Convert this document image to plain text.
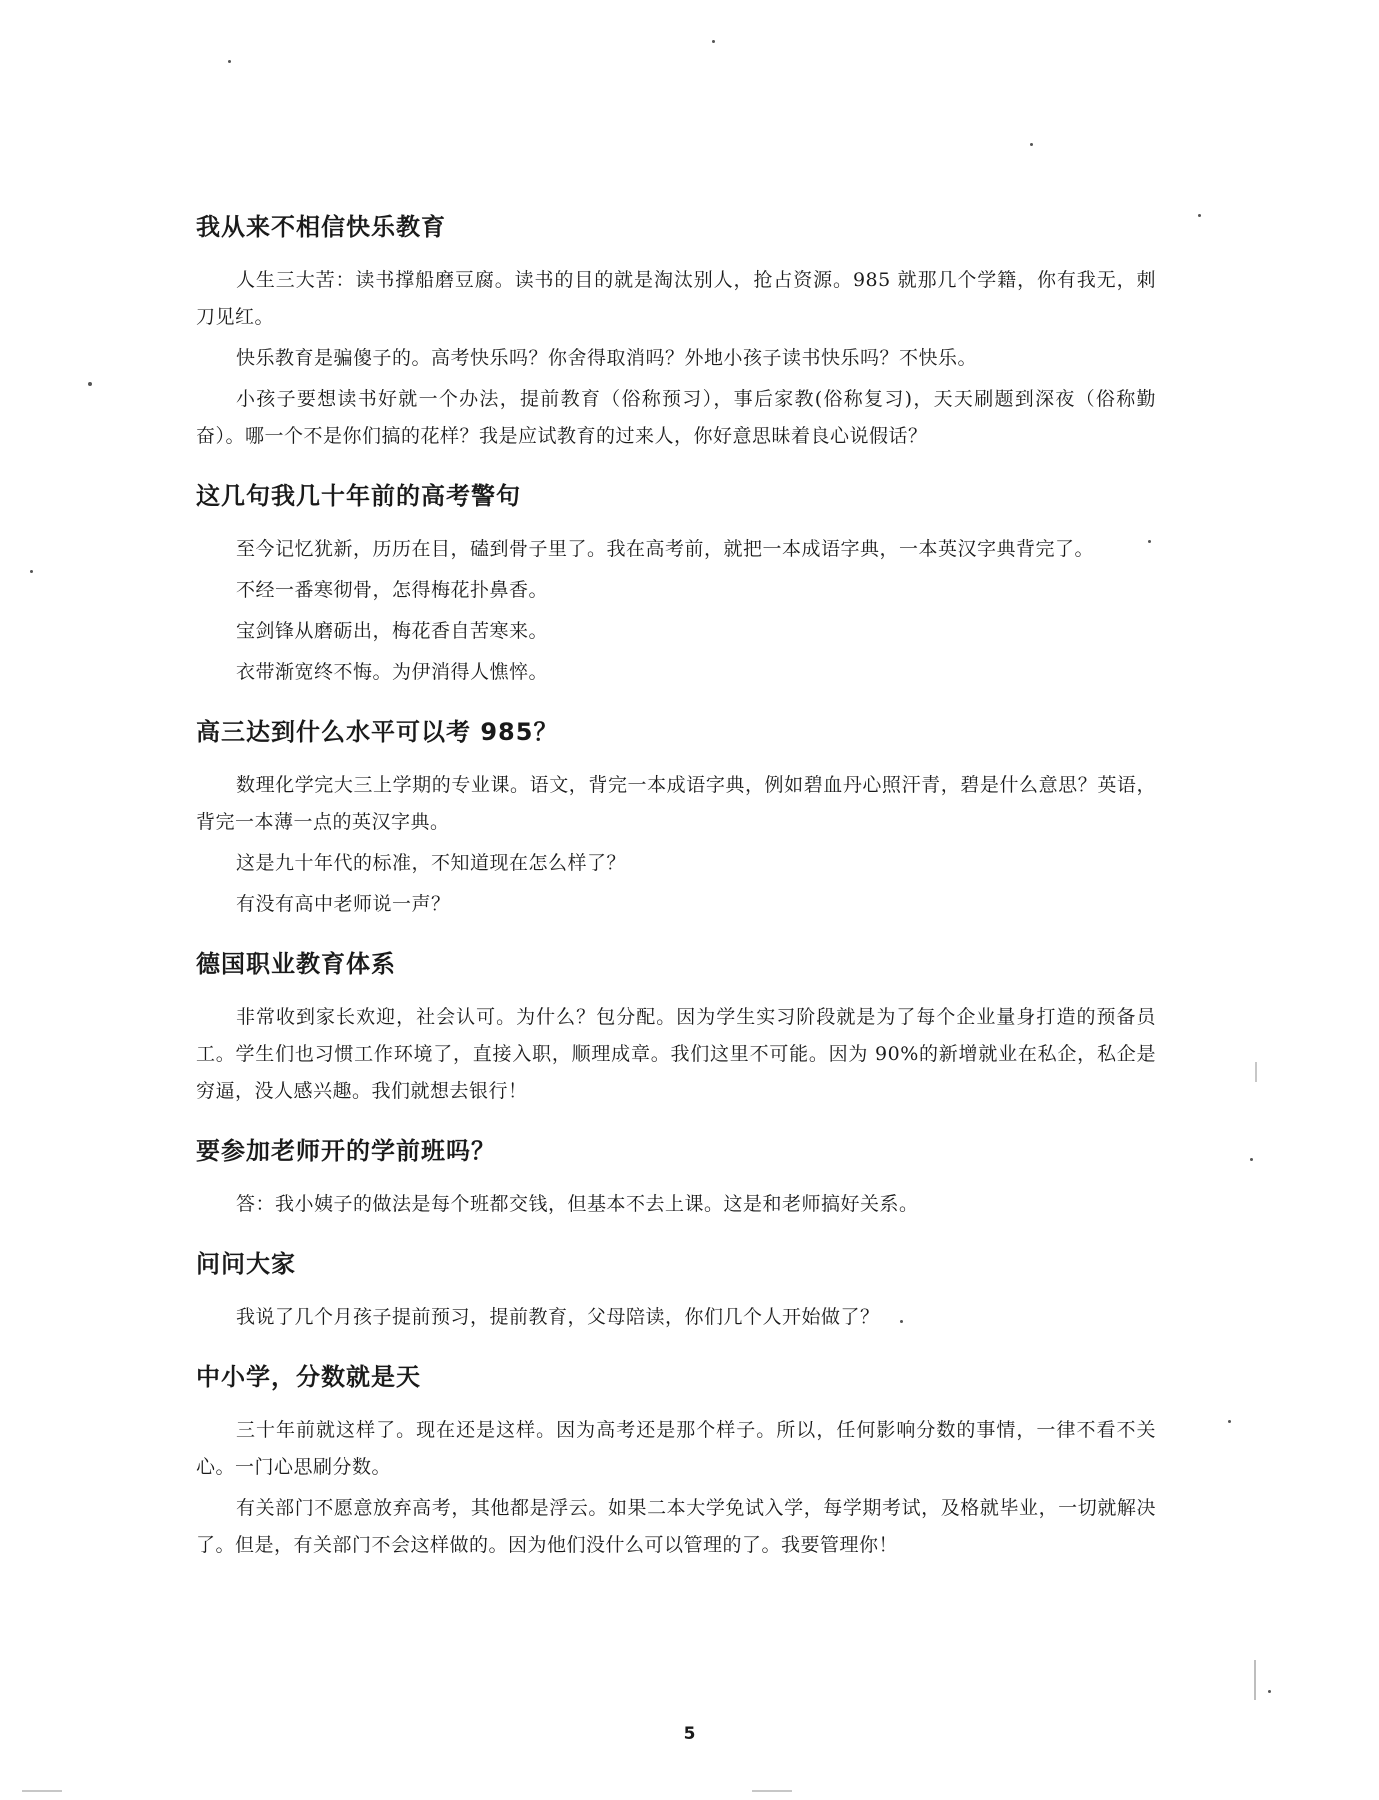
我从来不相信快乐教育

人生三大苦：读书撑船磨豆腐。读书的目的就是淘汰别人，抢占资源。985 就那几个学籍，你有我无，刺刀见红。

快乐教育是骗傻子的。高考快乐吗？你舍得取消吗？外地小孩子读书快乐吗？不快乐。

小孩子要想读书好就一个办法，提前教育（俗称预习），事后家教(俗称复习)，天天刷题到深夜（俗称勤奋）。哪一个不是你们搞的花样？我是应试教育的过来人，你好意思昧着良心说假话？

这几句我几十年前的高考警句

至今记忆犹新，历历在目，磕到骨子里了。我在高考前，就把一本成语字典，一本英汉字典背完了。

不经一番寒彻骨，怎得梅花扑鼻香。

宝剑锋从磨砺出，梅花香自苦寒来。

衣带渐宽终不悔。为伊消得人憔悴。

高三达到什么水平可以考 985？

数理化学完大三上学期的专业课。语文，背完一本成语字典，例如碧血丹心照汗青，碧是什么意思？英语，背完一本薄一点的英汉字典。

这是九十年代的标准，不知道现在怎么样了？

有没有高中老师说一声？

德国职业教育体系

非常收到家长欢迎，社会认可。为什么？包分配。因为学生实习阶段就是为了每个企业量身打造的预备员工。学生们也习惯工作环境了，直接入职，顺理成章。我们这里不可能。因为 90%的新增就业在私企，私企是穷逼，没人感兴趣。我们就想去银行！

要参加老师开的学前班吗？

答：我小姨子的做法是每个班都交钱，但基本不去上课。这是和老师搞好关系。

问问大家

我说了几个月孩子提前预习，提前教育，父母陪读，你们几个人开始做了？

中小学，分数就是天

三十年前就这样了。现在还是这样。因为高考还是那个样子。所以，任何影响分数的事情，一律不看不关心。一门心思刷分数。

有关部门不愿意放弃高考，其他都是浮云。如果二本大学免试入学，每学期考试，及格就毕业，一切就解决了。但是，有关部门不会这样做的。因为他们没什么可以管理的了。我要管理你！

5
